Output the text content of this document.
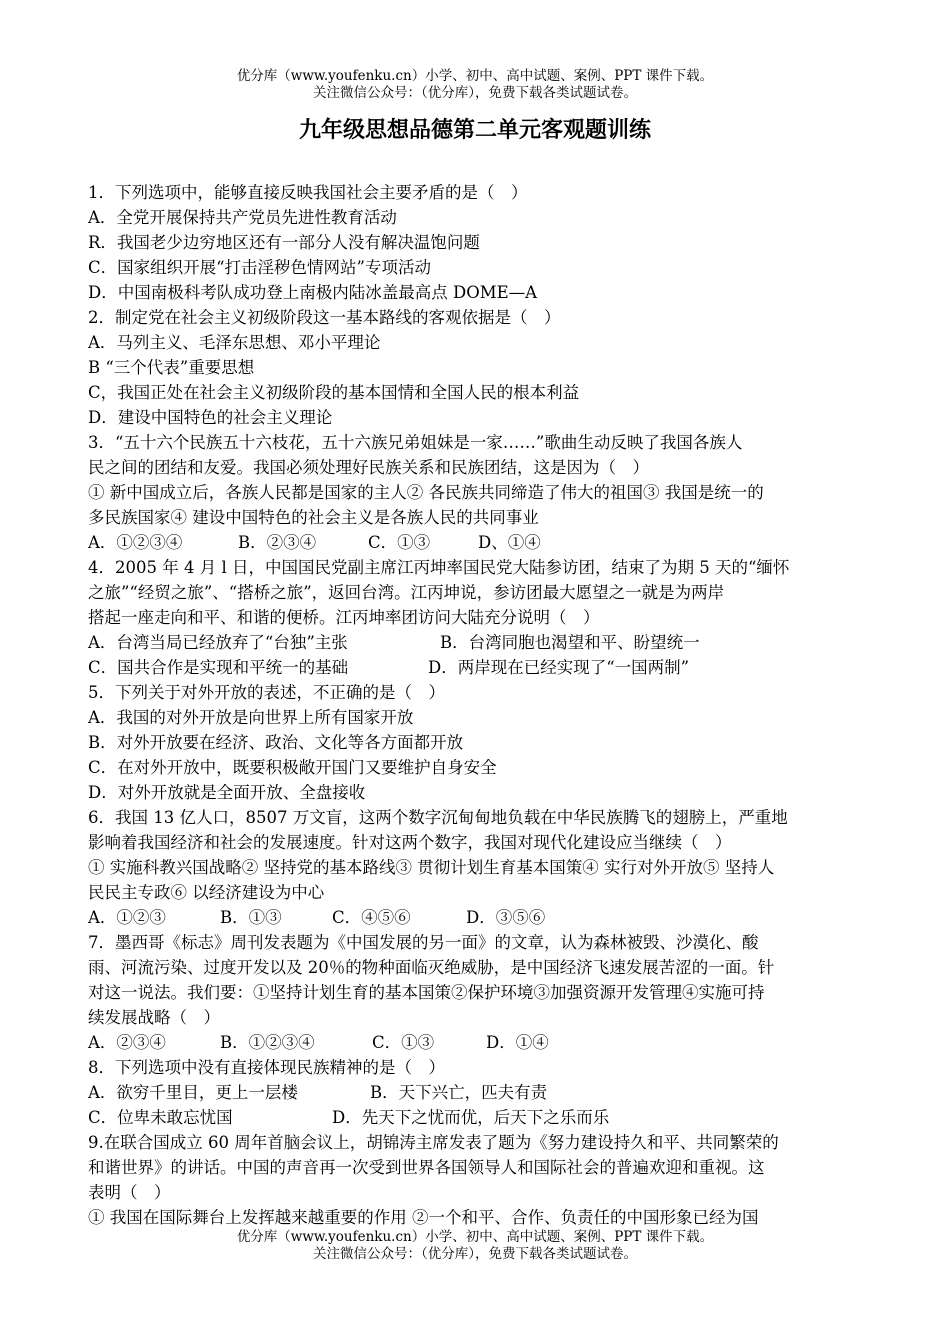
优分库（www.youfenku.cn）小学、初中、高中试题、案例、PPT 课件下载。
关注微信公众号：（优分库），免费下载各类试题试卷。
九年级思想品德第二单元客观题训练
1．下列选项中，能够直接反映我国社会主要矛盾的是（　）
A．全党开展保持共产党员先进性教育活动
R．我国老少边穷地区还有一部分人没有解决温饱问题
C．国家组织开展“打击淫秽色情网站”专项活动
D．中国南极科考队成功登上南极内陆冰盖最高点 DOME—A
2．制定党在社会主义初级阶段这一基本路线的客观依据是（　）
A．马列主义、毛泽东思想、邓小平理论
B “三个代表”重要思想
C，我国正处在社会主义初级阶段的基本国情和全国人民的根本利益
D．建设中国特色的社会主义理论
3．“五十六个民族五十六枝花，五十六族兄弟姐妹是一家……”歌曲生动反映了我国各族人
民之间的团结和友爱。我国必须处理好民族关系和民族团结，这是因为（　）
① 新中国成立后，各族人民都是国家的主人② 各民族共同缔造了伟大的祖国③ 我国是统一的
多民族国家④ 建设中国特色的社会主义是各族人民的共同事业
A．①②③④	B．②③④	C．①③	D、①④
4．2005 年 4 月 l 日，中国国民党副主席江丙坤率国民党大陆参访团，结束了为期 5 天的“缅怀
之旅”“经贸之旅”、“搭桥之旅”，返回台湾。江丙坤说，参访团最大愿望之一就是为两岸
搭起一座走向和平、和谐的便桥。江丙坤率团访问大陆充分说明（　）
A．台湾当局已经放弃了“台独”主张	B．台湾同胞也渴望和平、盼望统一
C．国共合作是实现和平统一的基础	D．两岸现在已经实现了“一国两制”
5．下列关于对外开放的表述，不正确的是（　）
A．我国的对外开放是向世界上所有国家开放
B．对外开放要在经济、政治、文化等各方面都开放
C．在对外开放中，既要积极敞开国门又要维护自身安全
D．对外开放就是全面开放、全盘接收
6．我国 13 亿人口，8507 万文盲，这两个数字沉甸甸地负载在中华民族腾飞的翅膀上，严重地
影响着我国经济和社会的发展速度。针对这两个数字，我国对现代化建设应当继续（　）
① 实施科教兴国战略② 坚持党的基本路线③ 贯彻计划生育基本国策④ 实行对外开放⑤ 坚持人
民民主专政⑥ 以经济建设为中心
A．①②③	B．①③	C．④⑤⑥	D．③⑤⑥
7．墨西哥《标志》周刊发表题为《中国发展的另一面》的文章，认为森林被毁、沙漠化、酸
雨、河流污染、过度开发以及 20％的物种面临灭绝威胁，是中国经济飞速发展苦涩的一面。针
对这一说法。我们要：①坚持计划生育的基本国策②保护环境③加强资源开发管理④实施可持
续发展战略（　）
A．②③④	B．①②③④	C．①③	D．①④
8．下列选项中没有直接体现民族精神的是（　）
A．欲穷千里目，更上一层楼	B．天下兴亡，匹夫有责
C．位卑未敢忘忧国	D．先天下之忧而优，后天下之乐而乐
9.在联合国成立 60 周年首脑会议上，胡锦涛主席发表了题为《努力建设持久和平、共同繁荣的
和谐世界》的讲话。中国的声音再一次受到世界各国领导人和国际社会的普遍欢迎和重视。这
表明（　）
① 我国在国际舞台上发挥越来越重要的作用 ②一个和平、合作、负责任的中国形象已经为国
优分库（www.youfenku.cn）小学、初中、高中试题、案例、PPT 课件下载。
关注微信公众号：（优分库），免费下载各类试题试卷。
